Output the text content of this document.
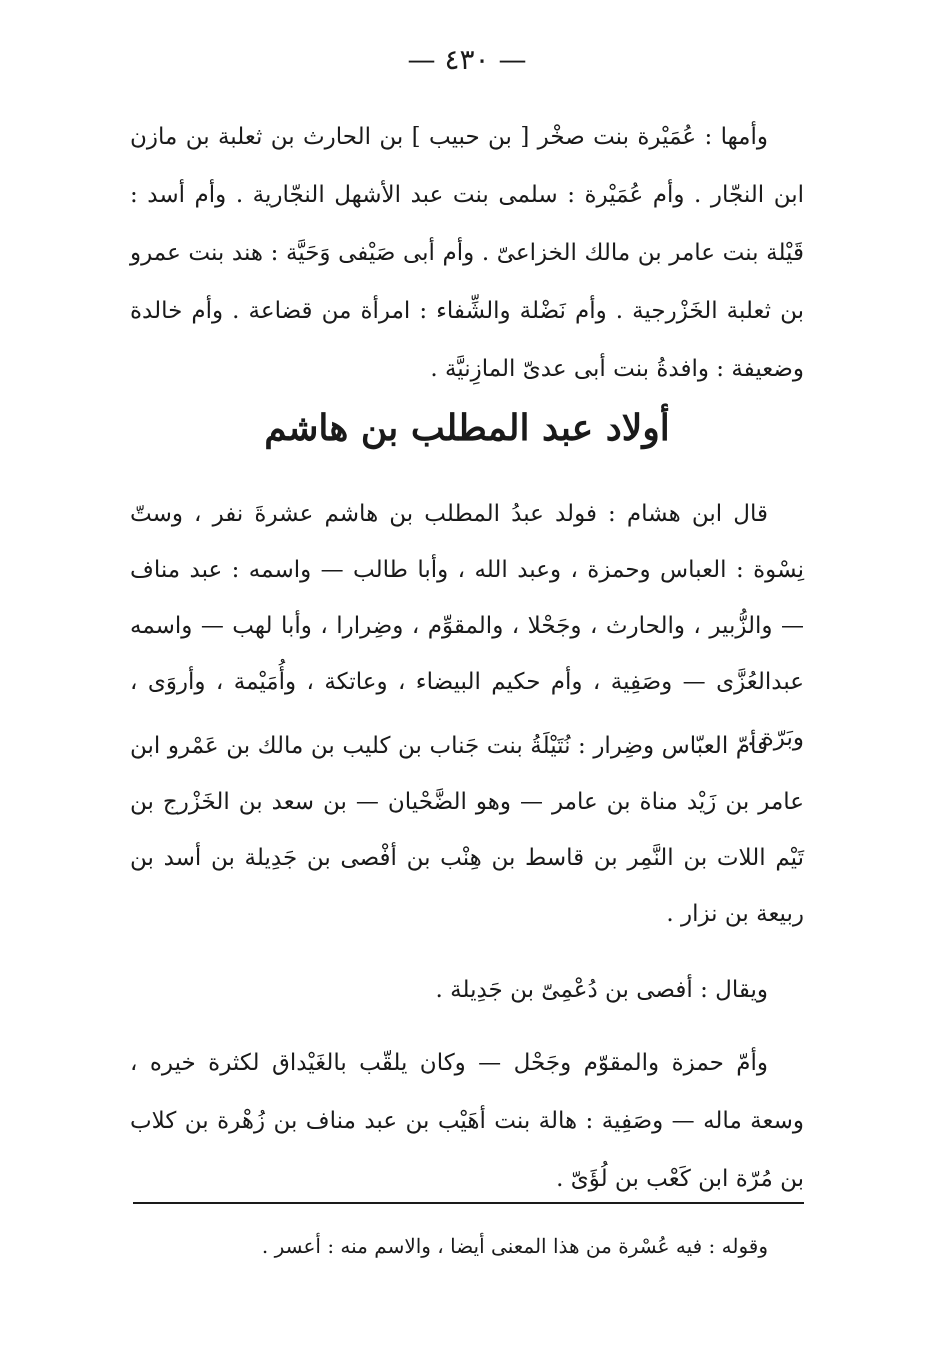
— ٤٣٠ —

وأمها : عُمَيْرة بنت صخْر [ بن حبيب ] بن الحارث بن ثعلبة بن مازن ابن النجّار . وأم عُمَيْرة : سلمى بنت عبد الأشهل النجّارية . وأم أسد : قَيْلة بنت عامر بن مالك الخزاعىّ . وأم أبى صَيْفى وَحَيَّة : هند بنت عمرو بن ثعلبة الخَزْرجية . وأم نَضْلة والشِّفاء : امرأة من قضاعة . وأم خالدة وضعيفة : وافدةُ بنت أبى عدىّ المازِنيَّة .

أولاد عبد المطلب بن هاشم

قال ابن هشام : فولد عبدُ المطلب بن هاشم عشرةَ نفر ، وستّ نِسْوة : العباس وحمزة ، وعبد الله ، وأبا طالب — واسمه : عبد مناف — والزُّبير ، والحارث ، وجَحْلا ، والمقوِّم ، وضِرارا ، وأبا لهب — واسمه عبدالعُزَّى — وصَفِية ، وأم حكيم البيضاء ، وعاتكة ، وأُمَيْمة ، وأروَى ، وبَرّة .

فأمّ العبّاس وضِرار : نُتَيْلَةُ بنت جَناب بن كليب بن مالك بن عَمْرو ابن عامر بن زَيْد مناة بن عامر — وهو الضَّحْيان — بن سعد بن الخَزْرج بن تَيْم اللات بن النَّمِر بن قاسط بن هِنْب بن أفْصى بن جَدِيلة بن أسد بن ربيعة بن نزار .

ويقال : أفصى بن دُعْمِىّ بن جَدِيلة .

وأمّ حمزة والمقوّم وجَحْل — وكان يلقّب بالغَيْداق لكثرة خيره ، وسعة ماله — وصَفِية : هالة بنت أهَيْب بن عبد مناف بن زُهْرة بن كلاب بن مُرّة ابن كَعْب بن لُؤَىّ .

وقوله : فيه عُسْرة من هذا المعنى أيضا ، والاسم منه : أعسر .
